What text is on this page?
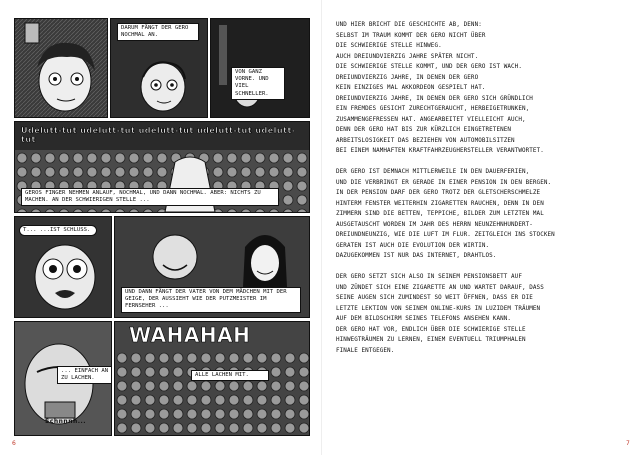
DARUM FÄNGT DER GERO NOCHMAL AN.
VON GANZ VORNE. UND VIEL SCHNELLER.
Udelutt-tut udelutt-tut udelutt-tut udelutt-tut udelutt-tut
GEROS FINGER NEHMEN ANLAUF, NOCHMAL, UND DANN NOCHMAL. ABER: NICHTS ZU MACHEN. AN DER SCHWIERIGEN STELLE ...
T... ...IST SCHLUSS.
UND DANN FÄNGT DER VATER VON DEM MÄDCHEN MIT DER GEIGE, DER AUSSIEHT WIE DER PUTZMEISTER IM FERNSEHER ...
... EINFACH AN ZU LACHEN.
Schnnnh...
WAHAHAH
ALLE LACHEN MIT.
6

UND HIER BRICHT DIE GESCHICHTE AB, DENN:
SELBST IM TRAUM KOMMT DER GERO NICHT ÜBER
DIE SCHWIERIGE STELLE HINWEG.
AUCH DREIUNDVIERZIG JAHRE SPÄTER NICHT.
DIE SCHWIERIGE STELLE KOMMT, UND DER GERO IST WACH.
DREIUNDVIERZIG JAHRE, IN DENEN DER GERO
KEIN EINZIGES MAL AKKORDEON GESPIELT HAT.
DREIUNDVIERZIG JAHRE, IN DENEN DER GERO SICH GRÜNDLICH
EIN FREMDES GESICHT ZURECHTGERAUCHT, HERBEIGETRUNKEN,
ZUSAMMENGEFRESSEN HAT. ANGEARBEITET VIELLEICHT AUCH,
DENN DER GERO HAT BIS ZUR KÜRZLICH EINGETRETENEN
ARBEITSLOSIGKEIT DAS BEZIEHEN VON AUTOMOBILSITZEN
BEI EINEM NAMHAFTEN KRAFTFAHRZEUGHERSTELLER VERANTWORTET.

DER GERO IST DEMNACH MITTLERWEILE IN DEN DAUERFERIEN,
UND DIE VERBRINGT ER GERADE IN EINER PENSION IN DEN BERGEN.
IN DER PENSION DARF DER GERO TROTZ DER GLETSCHERSCHMELZE
HINTERM FENSTER WEITERHIN ZIGARETTEN RAUCHEN, DENN IN DEN
ZIMMERN SIND DIE BETTEN, TEPPICHE, BILDER ZUM LETZTEN MAL
AUSGETAUSCHT WORDEN IM JAHR DES HERRN NEUNZEHNHUNDERT-
DREIUNDNEUNZIG, WIE DIE LUFT IM FLUR. ZEITGLEICH INS STOCKEN
GERATEN IST AUCH DIE EVOLUTION DER WIRTIN.
DAZUGEKOMMEN IST NUR DAS INTERNET, DRAHTLOS.

DER GERO SETZT SICH ALSO IN SEINEM PENSIONSBETT AUF
UND ZÜNDET SICH EINE ZIGARETTE AN UND WARTET DARAUF, DASS
SEINE AUGEN SICH ZUMINDEST SO WEIT ÖFFNEN, DASS ER DIE
LETZTE LEKTION VON SEINEM ONLINE-KURS IN LUZIDEM TRÄUMEN
AUF DEM BILDSCHIRM SEINES TELEFONS ANSEHEN KANN.
DER GERO HAT VOR, ENDLICH ÜBER DIE SCHWIERIGE STELLE
HINWEGTRÄUMEN ZU LERNEN, EINEM EVENTUELL TRIUMPHALEN
FINALE ENTGEGEN.

7
